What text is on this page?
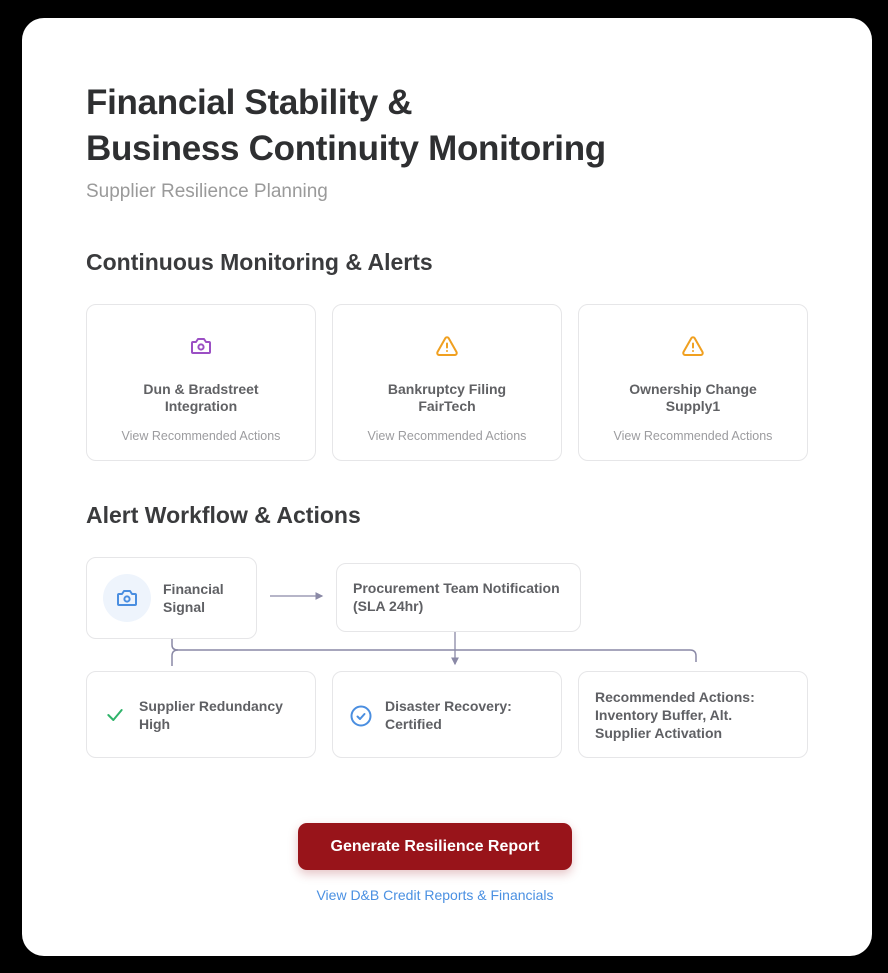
Financial Stability &
Business Continuity Monitoring
Supplier Resilience Planning
Continuous Monitoring & Alerts
Dun & Bradstreet
Integration
View Recommended Actions
Bankruptcy Filing
FairTech
View Recommended Actions
Ownership Change
Supply1
View Recommended Actions
Alert Workflow & Actions
Financial
Signal
Procurement Team Notification
(SLA 24hr)
Supplier Redundancy
High
Disaster Recovery:
Certified
Recommended Actions:
Inventory Buffer, Alt.
Supplier Activation
Generate Resilience Report
View D&B Credit Reports & Financials
